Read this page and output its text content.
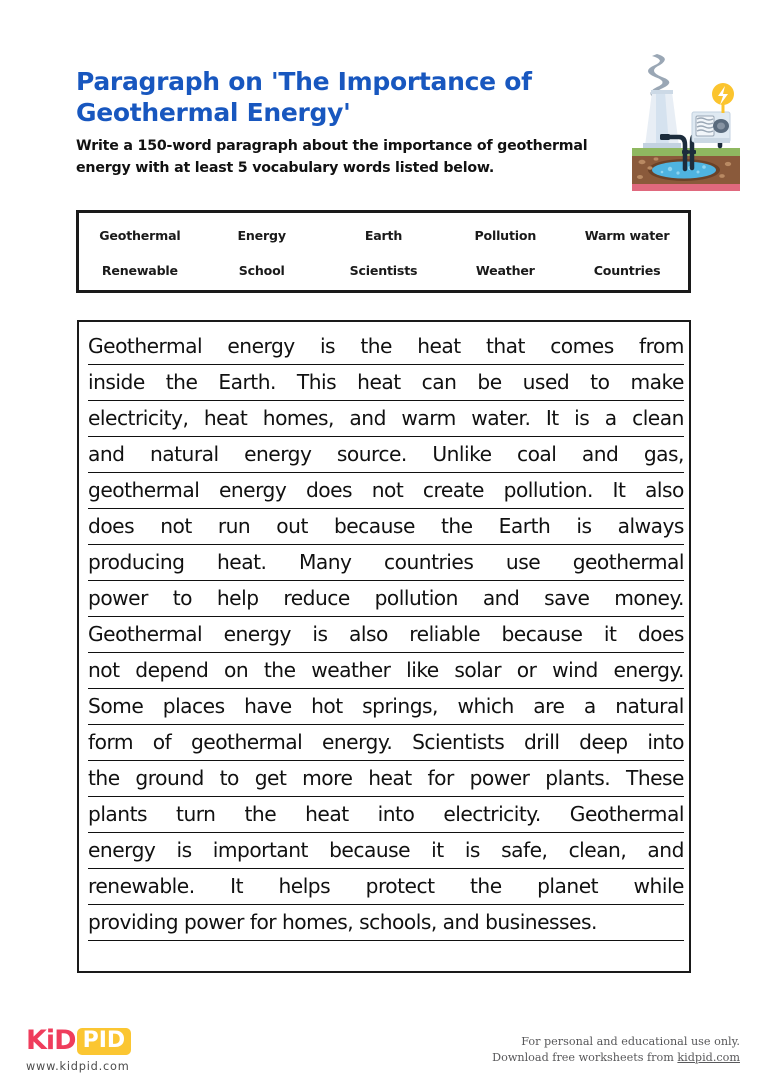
Paragraph on 'The Importance of Geothermal Energy'

Write a 150-word paragraph about the importance of geothermal energy with at least 5 vocabulary words listed below.

Geothermal	Energy	Earth	Pollution	Warm water
Renewable	School	Scientists	Weather	Countries
Geothermal energy is the heat that comes from
inside the Earth. This heat can be used to make
electricity, heat homes, and warm water. It is a clean
and natural energy source. Unlike coal and gas,
geothermal energy does not create pollution. It also
does not run out because the Earth is always
producing heat. Many countries use geothermal
power to help reduce pollution and save money.
Geothermal energy is also reliable because it does
not depend on the weather like solar or wind energy.
Some places have hot springs, which are a natural
form of geothermal energy. Scientists drill deep into
the ground to get more heat for power plants. These
plants turn the heat into electricity. Geothermal
energy is important because it is safe, clean, and
renewable. It helps protect the planet while
providing power for homes, schools, and businesses.
KiD PID
www.kidpid.com
For personal and educational use only.
Download free worksheets from kidpid.com
